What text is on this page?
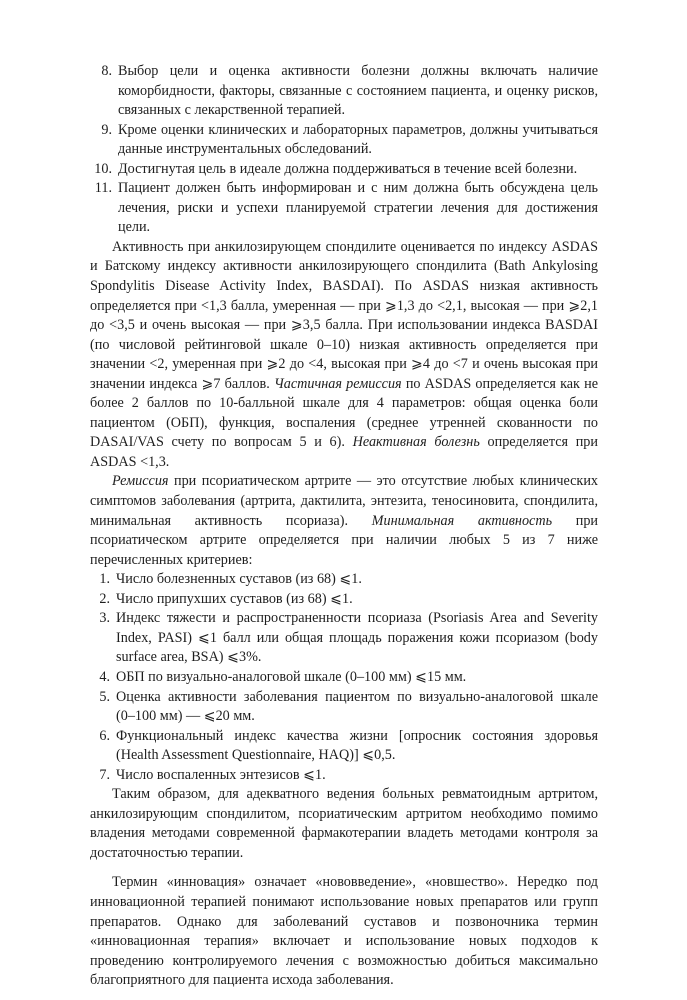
8. Выбор цели и оценка активности болезни должны включать наличие коморбидности, факторы, связанные с состоянием пациента, и оценку рисков, связанных с лекарственной терапией.
9. Кроме оценки клинических и лабораторных параметров, должны учитываться данные инструментальных обследований.
10. Достигнутая цель в идеале должна поддерживаться в течение всей болезни.
11. Пациент должен быть информирован и с ним должна быть обсуждена цель лечения, риски и успехи планируемой стратегии лечения для достижения цели.

Активность при анкилозирующем спондилите оценивается по индексу ASDAS и Батскому индексу активности анкилозирующего спондилита (Bath Ankylosing Spondylitis Disease Activity Index, BASDAI). По ASDAS низкая активность определяется при <1,3 балла, умеренная — при ⩾1,3 до <2,1, высокая — при ⩾2,1 до <3,5 и очень высокая — при ⩾3,5 балла. При использовании индекса BASDAI (по числовой рейтинговой шкале 0–10) низкая активность определяется при значении <2, умеренная при ⩾2 до <4, высокая при ⩾4 до <7 и очень высокая при значении индекса ⩾7 баллов. Частичная ремиссия по ASDAS определяется как не более 2 баллов по 10-балльной шкале для 4 параметров: общая оценка боли пациентом (ОБП), функция, воспаления (среднее утренней скованности по DASAI/VAS счету по вопросам 5 и 6). Неактивная болезнь определяется при ASDAS <1,3.

Ремиссия при псориатическом артрите — это отсутствие любых клинических симптомов заболевания (артрита, дактилита, энтезита, теносиновита, спондилита, минимальная активность псориаза). Минимальная активность при псориатическом артрите определяется при наличии любых 5 из 7 ниже перечисленных критериев:

1. Число болезненных суставов (из 68) ⩽1.
2. Число припухших суставов (из 68) ⩽1.
3. Индекс тяжести и распространенности псориаза (Psoriasis Area and Severity Index, PASI) ⩽1 балл или общая площадь поражения кожи псориазом (body surface area, BSA) ⩽3%.
4. ОБП по визуально-аналоговой шкале (0–100 мм) ⩽15 мм.
5. Оценка активности заболевания пациентом по визуально-аналоговой шкале (0–100 мм) — ⩽20 мм.
6. Функциональный индекс качества жизни [опросник состояния здоровья (Health Assessment Questionnaire, HAQ)] ⩽0,5.
7. Число воспаленных энтезисов ⩽1.

Таким образом, для адекватного ведения больных ревматоидным артритом, анкилозирующим спондилитом, псориатическим артритом необходимо помимо владения методами современной фармакотерапии владеть методами контроля за достаточностью терапии.

Термин «инновация» означает «нововведение», «новшество». Нередко под инновационной терапией понимают использование новых препаратов или групп препаратов. Однако для заболеваний суставов и позвоночника термин «инновационная терапия» включает и использование новых подходов к проведению контролируемого лечения с возможностью добиться максимально благоприятного для пациента исхода заболевания.
